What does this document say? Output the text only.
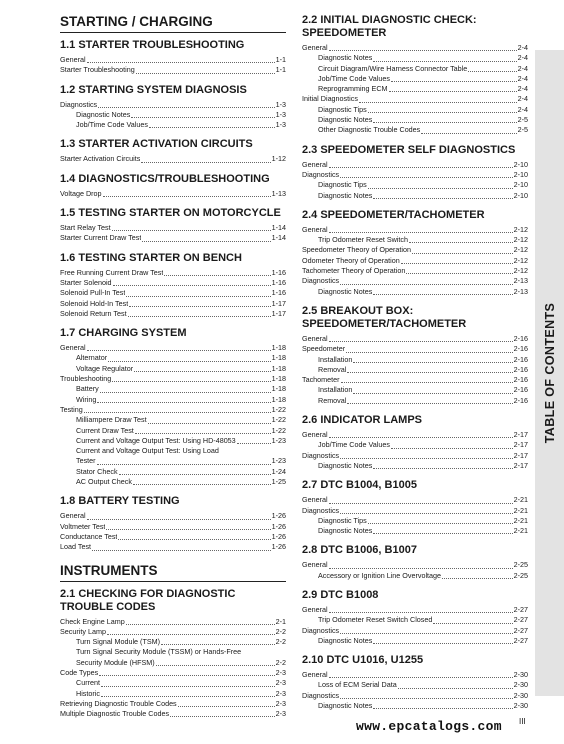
STARTING / CHARGING
1.1 STARTER TROUBLESHOOTING
General	1-1
Starter Troubleshooting	1-1
1.2 STARTING SYSTEM DIAGNOSIS
Diagnostics	1-3
Diagnostic Notes	1-3
Job/Time Code Values	1-3
1.3 STARTER ACTIVATION CIRCUITS
Starter Activation Circuits	1-12
1.4 DIAGNOSTICS/TROUBLESHOOTING
Voltage Drop	1-13
1.5 TESTING STARTER ON MOTORCYCLE
Start Relay Test	1-14
Starter Current Draw Test	1-14
1.6 TESTING STARTER ON BENCH
Free Running Current Draw Test	1-16
Starter Solenoid	1-16
Solenoid Pull-In Test	1-16
Solenoid Hold-In Test	1-17
Solenoid Return Test	1-17
1.7 CHARGING SYSTEM
General	1-18
Alternator	1-18
Voltage Regulator	1-18
Troubleshooting	1-18
Battery	1-18
Wiring	1-18
Testing	1-22
Milliampere Draw Test	1-22
Current Draw Test	1-22
Current and Voltage Output Test: Using HD-48053	1-23
Current and Voltage Output Test: Using Load
Tester	1-23
Stator Check	1-24
AC Output Check	1-25
1.8 BATTERY TESTING
General	1-26
Voltmeter Test	1-26
Conductance Test	1-26
Load Test	1-26
INSTRUMENTS
2.1 CHECKING FOR DIAGNOSTIC TROUBLE CODES
Check Engine Lamp	2-1
Security Lamp	2-2
Turn Signal Module (TSM)	2-2
Turn Signal Security Module (TSSM) or Hands-Free
Security Module (HFSM)	2-2
Code Types	2-3
Current	2-3
Historic	2-3
Retrieving Diagnostic Trouble Codes	2-3
Multiple Diagnostic Trouble Codes	2-3
2.2 INITIAL DIAGNOSTIC CHECK: SPEEDOMETER
General	2-4
Diagnostic Notes	2-4
Circuit Diagram/Wire Harness Connector Table	2-4
Job/Time Code Values	2-4
Reprogramming ECM	2-4
Initial Diagnostics	2-4
Diagnostic Tips	2-4
Diagnostic Notes	2-5
Other Diagnostic Trouble Codes	2-5
2.3 SPEEDOMETER SELF DIAGNOSTICS
General	2-10
Diagnostics	2-10
Diagnostic Tips	2-10
Diagnostic Notes	2-10
2.4 SPEEDOMETER/TACHOMETER
General	2-12
Trip Odometer Reset Switch	2-12
Speedometer Theory of Operation	2-12
Odometer Theory of Operation	2-12
Tachometer Theory of Operation	2-12
Diagnostics	2-13
Diagnostic Notes	2-13
2.5 BREAKOUT BOX: SPEEDOMETER/TACHOMETER
General	2-16
Speedometer	2-16
Installation	2-16
Removal	2-16
Tachometer	2-16
Installation	2-16
Removal	2-16
2.6 INDICATOR LAMPS
General	2-17
Job/Time Code Values	2-17
Diagnostics	2-17
Diagnostic Notes	2-17
2.7 DTC B1004, B1005
General	2-21
Diagnostics	2-21
Diagnostic Tips	2-21
Diagnostic Notes	2-21
2.8 DTC B1006, B1007
General	2-25
Accessory or Ignition Line Overvoltage	2-25
2.9 DTC B1008
General	2-27
Trip Odometer Reset Switch Closed	2-27
Diagnostics	2-27
Diagnostic Notes	2-27
2.10 DTC U1016, U1255
General	2-30
Loss of ECM Serial Data	2-30
Diagnostics	2-30
Diagnostic Notes	2-30
TABLE OF CONTENTS
www.epcatalogs.com III
